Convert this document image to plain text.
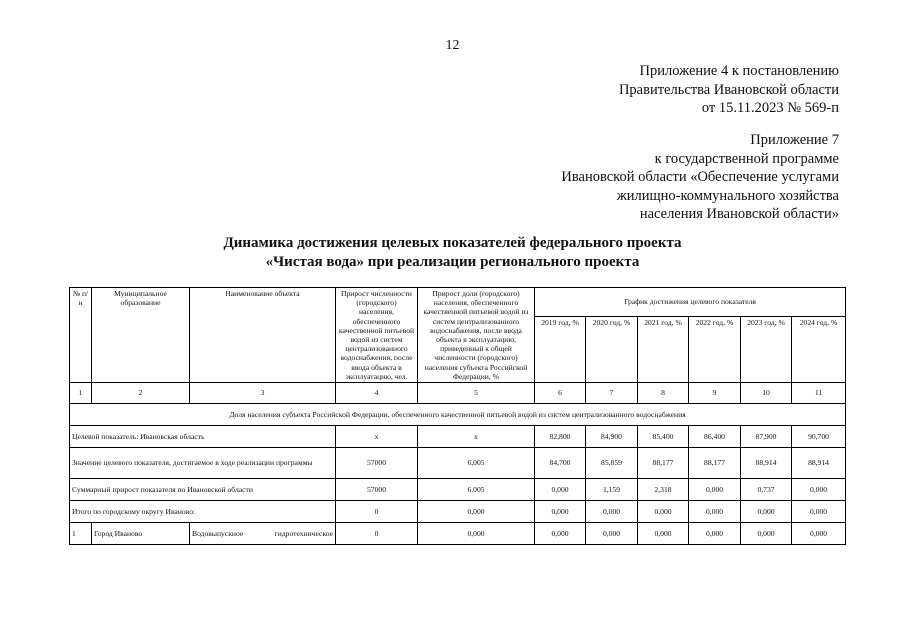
12
Приложение 4 к постановлению
Правительства Ивановской области
от 15.11.2023 № 569-п
Приложение 7
к государственной программе
Ивановской области «Обеспечение услугами
жилищно-коммунального хозяйства
населения Ивановской области»
Динамика достижения целевых показателей федерального проекта
«Чистая вода» при реализации регионального проекта
№ п/н	Муниципальное образование	Наименование объекта	Прирост численности (городского) населения, обеспеченного качественной питьевой водой из систем централизованного водоснабжения, после ввода объекта в эксплуатацию, чел.	Прирост доли (городского) населения, обеспеченного качественной питьевой водой из систем централизованного водоснабжения, после ввода объекта в эксплуатацию, приведенный к общей численности (городского) населения субъекта Российской Федерации, %	График достижения целевого показателя					
					2019 год, %	2020 год, %	2021 год, %	2022 год, %	2023 год, %	2024 год, %
1	2	3	4	5	6	7	8	9	10	11
Доля населения субъекта Российской Федерации, обеспеченного качественной питьевой водой из систем централизованного водоснабжения										
Целевой показатель: Ивановская область			x	x	82,800	84,900	85,400	86,400	87,900	90,700
Значение целевого показателя, достигаемое в ходе реализации программы			57000	6,005	84,700	85,859	88,177	88,177	88,914	88,914
Суммарный прирост показателя по Ивановской области			57000	6,005	0,000	1,159	2,318	0,000	0,737	0,000
Итого по городскому округу Иваново:			0	0,000	0,000	0,000	0,000	0,000	0,000	0,000
1	Город Иваново	Водовыпускное гидротехническое	0	0,000	0,000	0,000	0,000	0,000	0,000	0,000
